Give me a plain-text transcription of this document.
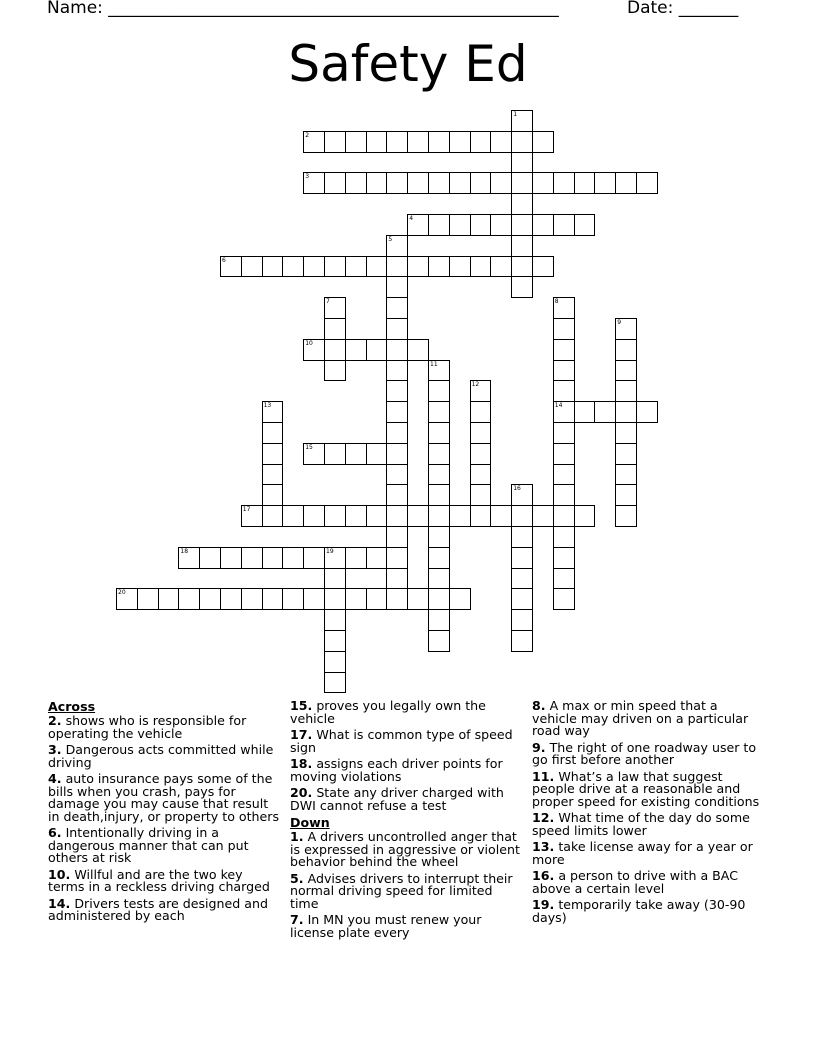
Name: _____________________________________________________	Date: _______
Safety Ed
1
2
3
4
5
6
7	8
14
9
10
11
12
13
15
16
17
18	19
20
Across
2. shows who is responsible for operating the vehicle
3. Dangerous acts committed while driving
4. auto insurance pays some of the bills when you crash, pays for damage you may cause that result in death,injury, or property to others
6. Intentionally driving in a dangerous manner that can put others at risk
10. Willful and are the two key terms in a reckless driving charged
14. Drivers tests are designed and administered by each
15. proves you legally own the vehicle
17. What is common type of speed sign
18. assigns each driver points for moving violations
20. State any driver charged with DWI cannot refuse a test
Down
1. A drivers uncontrolled anger that is expressed in aggressive or violent behavior behind the wheel
5. Advises drivers to interrupt their normal driving speed for limited time
7. In MN you must renew your license plate every
8. A max or min speed that a vehicle may driven on a particular road way
9. The right of one roadway user to go first before another
11. What’s a law that suggest people drive at a reasonable and proper speed for existing conditions
12. What time of the day do some speed limits lower
13. take license away for a year or more
16. a person to drive with a BAC above a certain level
19. temporarily take away (30-90 days)
